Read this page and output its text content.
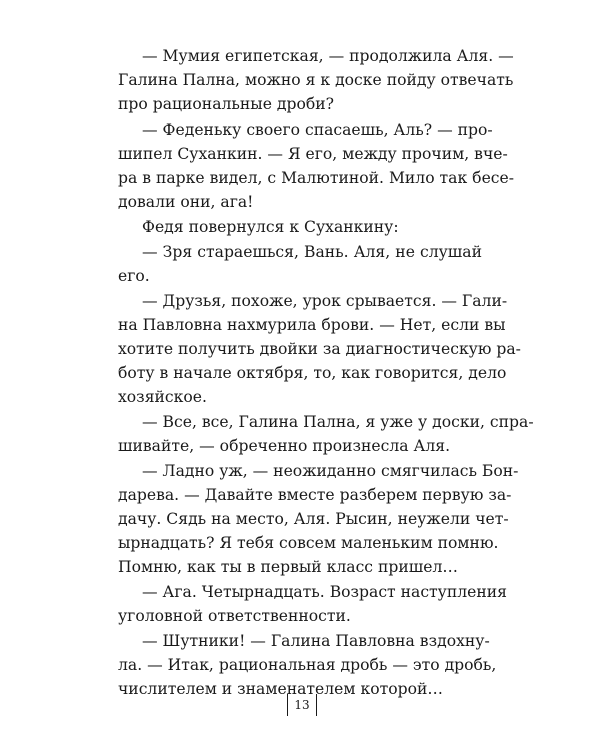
— Мумия египетская, — продолжила Аля. —
Галина Пална, можно я к доске пойду отвечать
про рациональные дроби?
— Феденьку своего спасаешь, Аль? — про-
шипел Суханкин. — Я его, между прочим, вче-
ра в парке видел, с Малютиной. Мило так бесе-
довали они, ага!
Федя повернулся к Суханкину:
— Зря стараешься, Вань. Аля, не слушай
его.
— Друзья, похоже, урок срывается. — Гали-
на Павловна нахмурила брови. — Нет, если вы
хотите получить двойки за диагностическую ра-
боту в начале октября, то, как говорится, дело
хозяйское.
— Все, все, Галина Пална, я уже у доски, спра-
шивайте, — обреченно произнесла Аля.
— Ладно уж, — неожиданно смягчилась Бон-
дарева. — Давайте вместе разберем первую за-
дачу. Сядь на место, Аля. Рысин, неужели чет-
ырнадцать? Я тебя совсем маленьким помню.
Помню, как ты в первый класс пришел…
— Ага. Четырнадцать. Возраст наступления
уголовной ответственности.
— Шутники! — Галина Павловна вздохну-
ла. — Итак, рациональная дробь — это дробь,
числителем и знаменателем которой…
13
